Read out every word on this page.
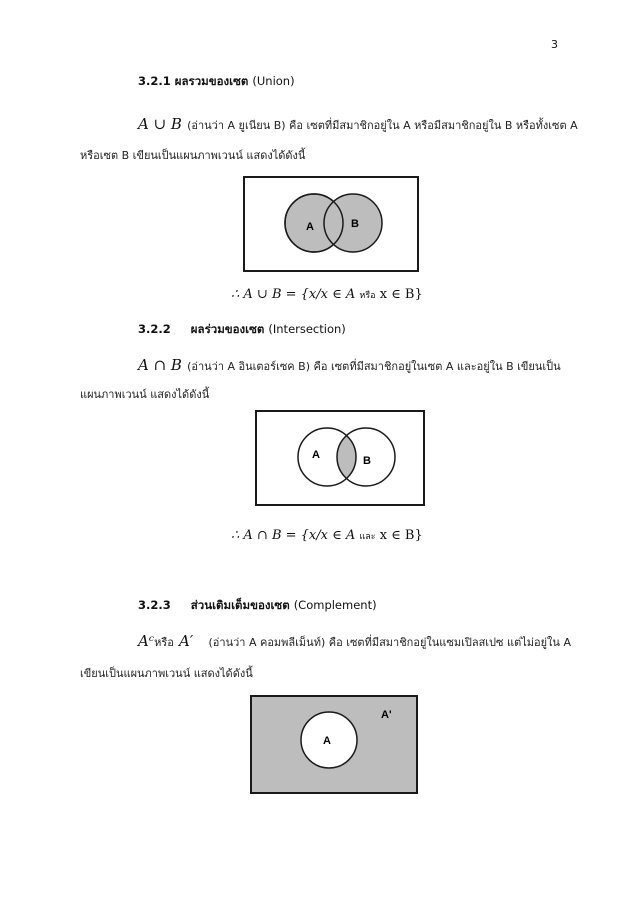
3
3.2.1 ผลรวมของเซต (Union)
A ∪ B (อ่านว่า A ยูเนียน B) คือ เซตที่มีสมาชิกอยู่ใน A หรือมีสมาชิกอยู่ใน B หรือทั้งเซต A
หรือเซต B เขียนเป็นแผนภาพเวนน์ แสดงได้ดังนี้
A	B
∴ A ∪ B = {x/x ∈ A หรือ x ∈ B}
3.2.2 ผลร่วมของเซต (Intersection)
A ∩ B (อ่านว่า A อินเตอร์เซค B) คือ เซตที่มีสมาชิกอยู่ในเซต A และอยู่ใน B เขียนเป็น
แผนภาพเวนน์ แสดงได้ดังนี้
A	B
∴ A ∩ B = {x/x ∈ A และ x ∈ B}
3.2.3 ส่วนเติมเต็มของเซต (Complement)
Aᶜหรือ A′ (อ่านว่า A คอมพลีเม็นท์) คือ เซตที่มีสมาชิกอยู่ในแซมเปิลสเปซ แต่ไม่อยู่ใน A
เขียนเป็นแผนภาพเวนน์ แสดงได้ดังนี้
A
A'
